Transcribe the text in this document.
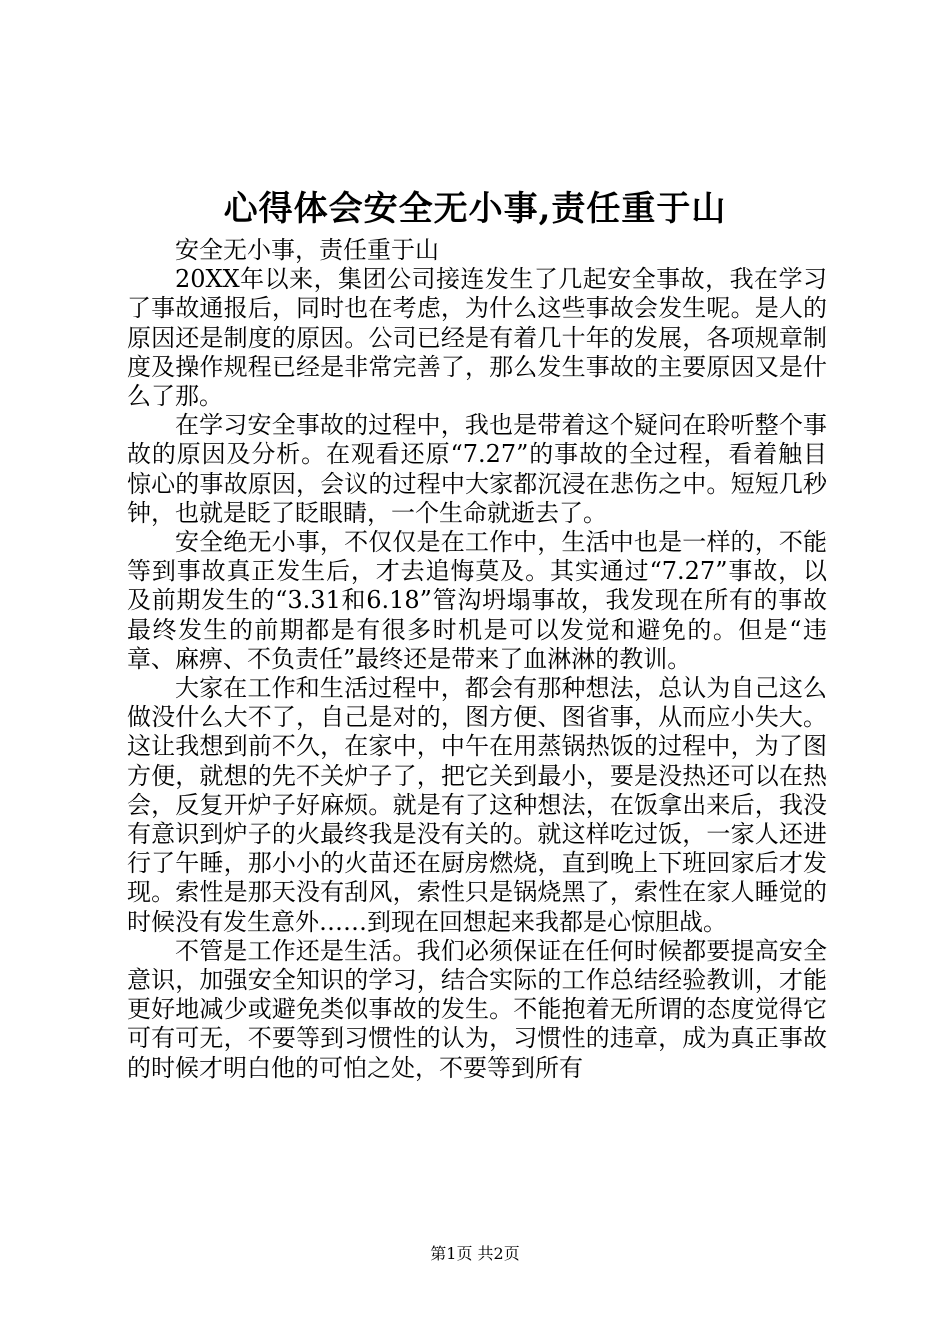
心得体会安全无小事,责任重于山

安全无小事，责任重于山

20XX年以来，集团公司接连发生了几起安全事故，我在学习了事故通报后，同时也在考虑，为什么这些事故会发生呢。是人的原因还是制度的原因。公司已经是有着几十年的发展，各项规章制度及操作规程已经是非常完善了，那么发生事故的主要原因又是什么了那。

在学习安全事故的过程中，我也是带着这个疑问在聆听整个事故的原因及分析。在观看还原“7.27”的事故的全过程，看着触目惊心的事故原因，会议的过程中大家都沉浸在悲伤之中。短短几秒钟，也就是眨了眨眼睛，一个生命就逝去了。

安全绝无小事，不仅仅是在工作中，生活中也是一样的，不能等到事故真正发生后，才去追悔莫及。其实通过“7.27”事故，以及前期发生的“3.31和6.18”管沟坍塌事故，我发现在所有的事故最终发生的前期都是有很多时机是可以发觉和避免的。但是“违章、麻痹、不负责任”最终还是带来了血淋淋的教训。

大家在工作和生活过程中，都会有那种想法，总认为自己这么做没什么大不了，自己是对的，图方便、图省事，从而应小失大。这让我想到前不久，在家中，中午在用蒸锅热饭的过程中，为了图方便，就想的先不关炉子了，把它关到最小，要是没热还可以在热会，反复开炉子好麻烦。就是有了这种想法，在饭拿出来后，我没有意识到炉子的火最终我是没有关的。就这样吃过饭，一家人还进行了午睡，那小小的火苗还在厨房燃烧，直到晚上下班回家后才发现。索性是那天没有刮风，索性只是锅烧黑了，索性在家人睡觉的时候没有发生意外……到现在回想起来我都是心惊胆战。

不管是工作还是生活。我们必须保证在任何时候都要提高安全意识，加强安全知识的学习，结合实际的工作总结经验教训，才能更好地减少或避免类似事故的发生。不能抱着无所谓的态度觉得它可有可无，不要等到习惯性的认为，习惯性的违章，成为真正事故的时候才明白他的可怕之处，不要等到所有

第1页 共2页
